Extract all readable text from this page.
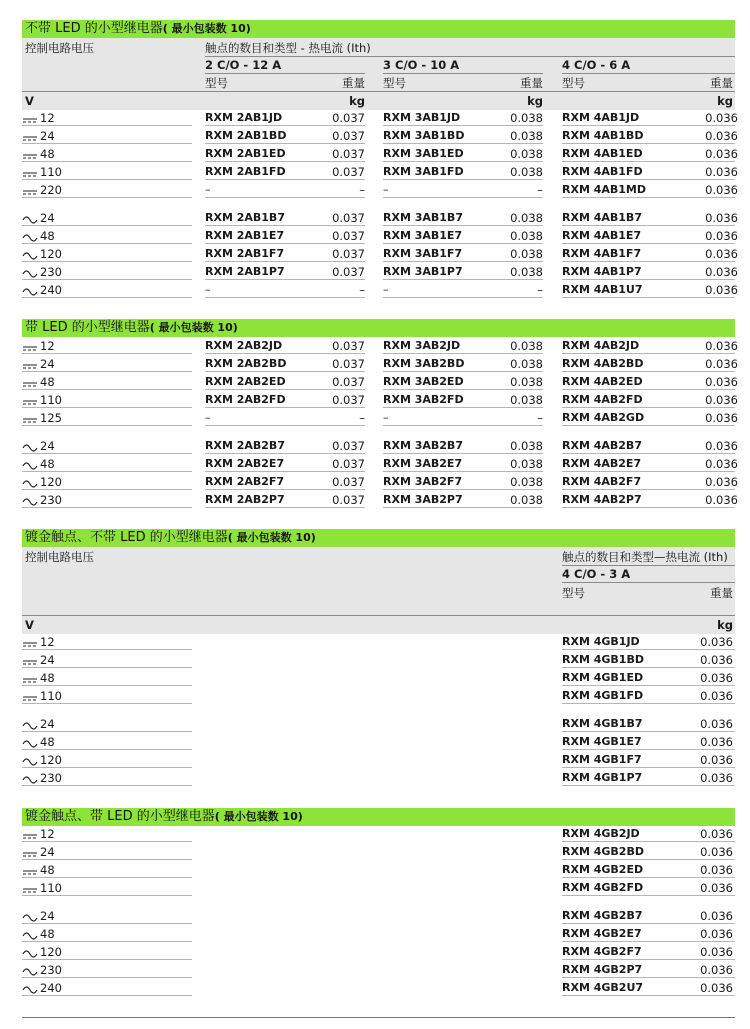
不带 LED 的小型继电器( 最小包装数 10)
控制电路电压	触点的数目和类型 - 热电流 (Ith)
2 C/O - 12 A	3 C/O - 10 A	4 C/O - 6 A
型号	重量 型号	重量 型号	重量
V	kg	kg	kg
12	RXM 2AB1JD	0.037 RXM 3AB1JD	0.038 RXM 4AB1JD	0.036
24	RXM 2AB1BD	0.037 RXM 3AB1BD	0.038 RXM 4AB1BD	0.036
48	RXM 2AB1ED	0.037 RXM 3AB1ED	0.038 RXM 4AB1ED	0.036
110	RXM 2AB1FD	0.037 RXM 3AB1FD	0.038 RXM 4AB1FD	0.036
220	–	– –	– RXM 4AB1MD	0.036
24	RXM 2AB1B7	0.037 RXM 3AB1B7	0.038 RXM 4AB1B7	0.036
48	RXM 2AB1E7	0.037 RXM 3AB1E7	0.038 RXM 4AB1E7	0.036
120	RXM 2AB1F7	0.037 RXM 3AB1F7	0.038 RXM 4AB1F7	0.036
230	RXM 2AB1P7	0.037 RXM 3AB1P7	0.038 RXM 4AB1P7	0.036
240	–	– –	– RXM 4AB1U7	0.036
带 LED 的小型继电器( 最小包装数 10)
12	RXM 2AB2JD	0.037 RXM 3AB2JD	0.038 RXM 4AB2JD	0.036
24	RXM 2AB2BD	0.037 RXM 3AB2BD	0.038 RXM 4AB2BD	0.036
48	RXM 2AB2ED	0.037 RXM 3AB2ED	0.038 RXM 4AB2ED	0.036
110	RXM 2AB2FD	0.037 RXM 3AB2FD	0.038 RXM 4AB2FD	0.036
125	–	– –	– RXM 4AB2GD	0.036
24	RXM 2AB2B7	0.037 RXM 3AB2B7	0.038 RXM 4AB2B7	0.036
48	RXM 2AB2E7	0.037 RXM 3AB2E7	0.038 RXM 4AB2E7	0.036
120	RXM 2AB2F7	0.037 RXM 3AB2F7	0.038 RXM 4AB2F7	0.036
230	RXM 2AB2P7	0.037 RXM 3AB2P7	0.038 RXM 4AB2P7	0.036
镀金触点、不带 LED 的小型继电器( 最小包装数 10)
控制电路电压	触点的数目和类型—热电流 (Ith)
4 C/O - 3 A
型号	重量
V	kg
12	RXM 4GB1JD	0.036
24	RXM 4GB1BD	0.036
48	RXM 4GB1ED	0.036
110	RXM 4GB1FD	0.036
24	RXM 4GB1B7	0.036
48	RXM 4GB1E7	0.036
120	RXM 4GB1F7	0.036
230	RXM 4GB1P7	0.036
镀金触点、带 LED 的小型继电器( 最小包装数 10)
12	RXM 4GB2JD	0.036
24	RXM 4GB2BD	0.036
48	RXM 4GB2ED	0.036
110	RXM 4GB2FD	0.036
24	RXM 4GB2B7	0.036
48	RXM 4GB2E7	0.036
120	RXM 4GB2F7	0.036
230	RXM 4GB2P7	0.036
240	RXM 4GB2U7	0.036
